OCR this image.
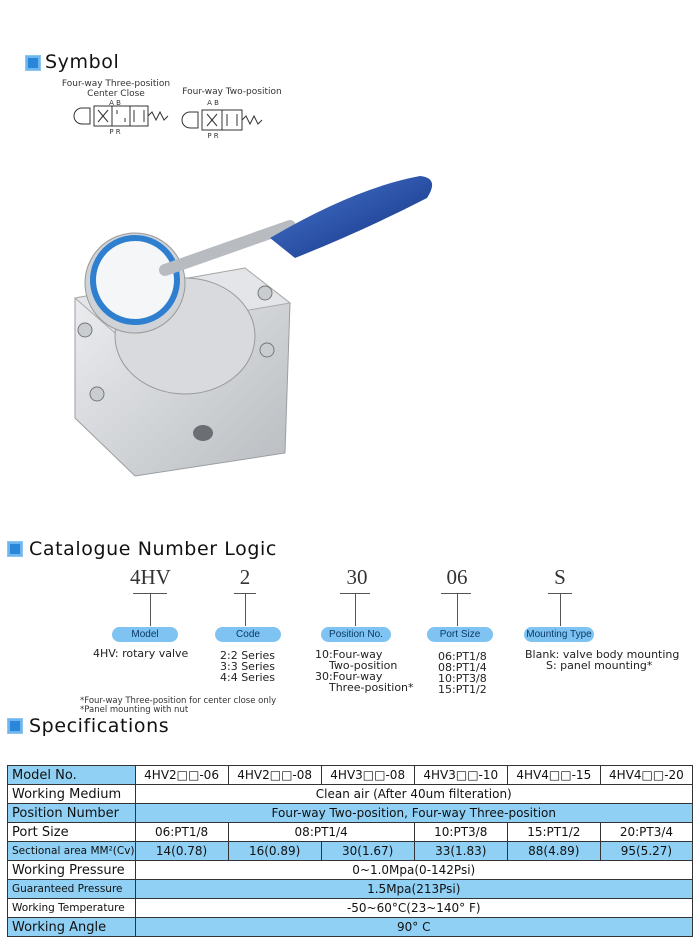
Symbol
Four-way Three-position
Center Close	Four-way Two-position
A B
P R
A B
P R
Catalogue Number Logic
4HV	2	30	06	S
Model	Code	Position No.	Port Size	Mounting Type
4HV: rotary valve	2:2 Series
3:3 Series
4:4 Series
10:Four-way
Two-position
30:Four-way
Three-position*
06:PT1/8
08:PT1/4
10:PT3/8
15:PT1/2
Blank: valve body mounting
S: panel mounting*
*Four-way Three-position for center close only
*Panel mounting with nut
Specifications
Model No.	4HV2□□-06	4HV2□□-08	4HV3□□-08	4HV3□□-10	4HV4□□-15	4HV4□□-20
Working Medium	Clean air (After 40um filteration)					
Position Number	Four-way Two-position, Four-way Three-position					
Port Size	06:PT1/8	08:PT1/4		10:PT3/8	15:PT1/2	20:PT3/4
Sectional area MM²(Cv)	14(0.78)	16(0.89)	30(1.67)	33(1.83)	88(4.89)	95(5.27)
Working Pressure	0~1.0Mpa(0-142Psi)					
Guaranteed Pressure	1.5Mpa(213Psi)					
Working Temperature	-50~60°C(23~140° F)					
Working Angle	90° C					
